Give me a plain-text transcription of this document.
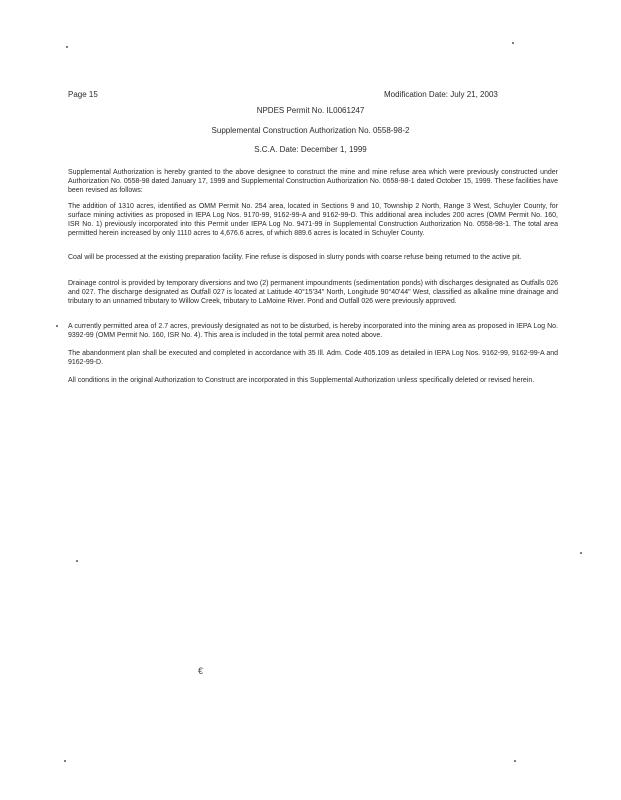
Page 15	Modification Date: July 21, 2003
NPDES Permit No. IL0061247
Supplemental Construction Authorization No. 0558-98-2
S.C.A. Date: December 1, 1999
Supplemental Authorization is hereby granted to the above designee to construct the mine and mine refuse area which were previously constructed under Authorization No. 0558-98 dated January 17, 1999 and Supplemental Construction Authorization No. 0558-98-1 dated October 15, 1999. These facilities have been revised as follows:
The addition of 1310 acres, identified as OMM Permit No. 254 area, located in Sections 9 and 10, Township 2 North, Range 3 West, Schuyler County, for surface mining activities as proposed in IEPA Log Nos. 9170-99, 9162-99-A and 9162-99-D. This additional area includes 200 acres (OMM Permit No. 160, ISR No. 1) previously incorporated into this Permit under IEPA Log No. 9471-99 in Supplemental Construction Authorization No. 0558-98-1. The total area permitted herein increased by only 1110 acres to 4,676.6 acres, of which 889.6 acres is located in Schuyler County.
Coal will be processed at the existing preparation facility. Fine refuse is disposed in slurry ponds with coarse refuse being returned to the active pit.
Drainage control is provided by temporary diversions and two (2) permanent impoundments (sedimentation ponds) with discharges designated as Outfalls 026 and 027. The discharge designated as Outfall 027 is located at Latitude 40°15'34" North, Longitude 90°40'44" West, classified as alkaline mine drainage and tributary to an unnamed tributary to Willow Creek, tributary to LaMoine River. Pond and Outfall 026 were previously approved.
A currently permitted area of 2.7 acres, previously designated as not to be disturbed, is hereby incorporated into the mining area as proposed in IEPA Log No. 9392-99 (OMM Permit No. 160, ISR No. 4). This area is included in the total permit area noted above.
The abandonment plan shall be executed and completed in accordance with 35 Ill. Adm. Code 405.109 as detailed in IEPA Log Nos. 9162-99, 9162-99-A and 9162-99-D.
All conditions in the original Authorization to Construct are incorporated in this Supplemental Authorization unless specifically deleted or revised herein.
€
